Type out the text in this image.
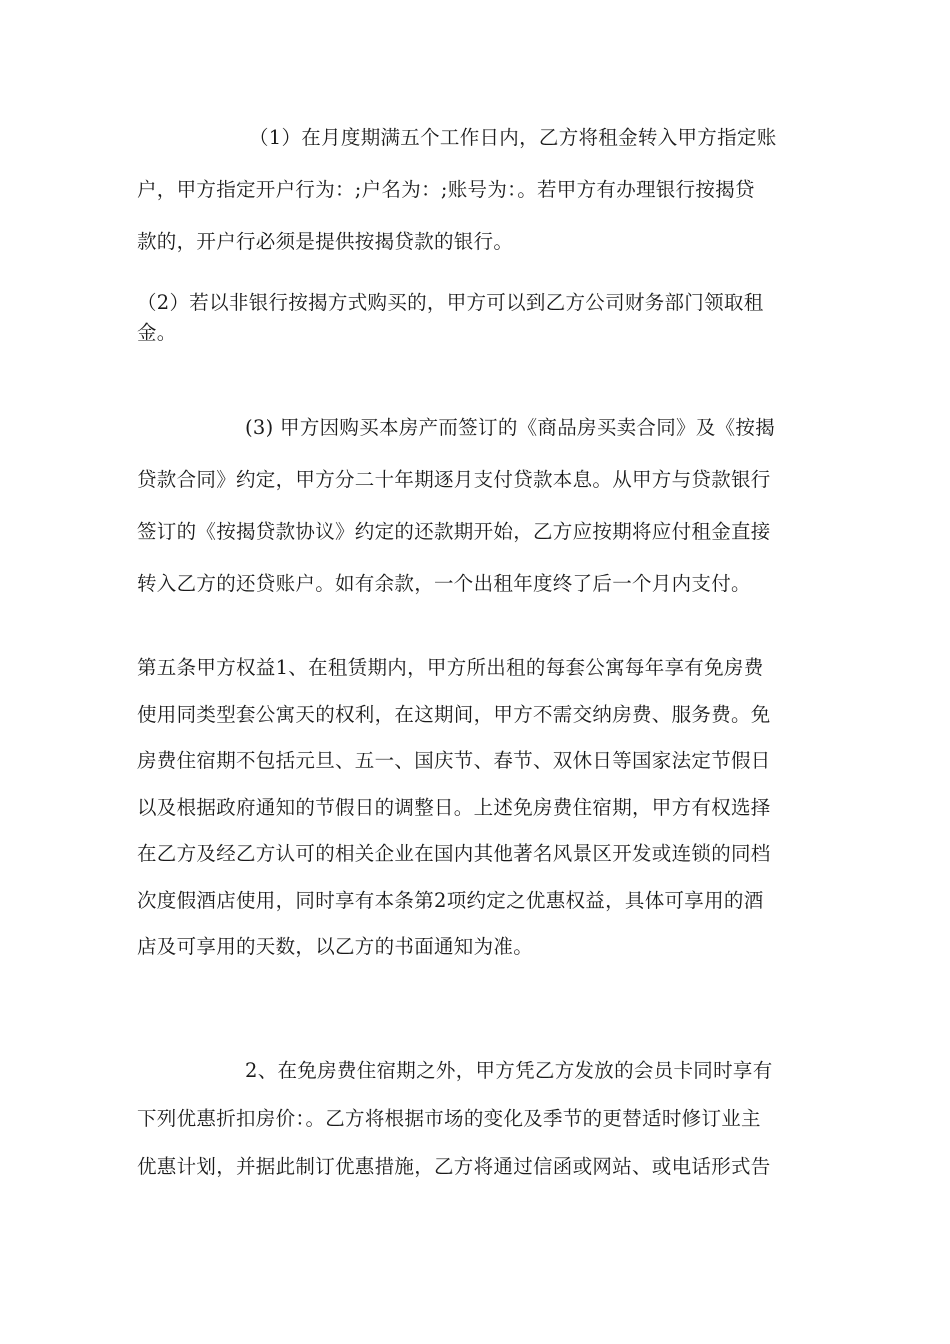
（1）在月度期满五个工作日内，乙方将租金转入甲方指定账
户，甲方指定开户行为：;户名为：;账号为：。若甲方有办理银行按揭贷
款的，开户行必须是提供按揭贷款的银行。

（2）若以非银行按揭方式购买的，甲方可以到乙方公司财务部门领取租
金。

(3) 甲方因购买本房产而签订的《商品房买卖合同》及《按揭
贷款合同》约定，甲方分二十年期逐月支付贷款本息。从甲方与贷款银行
签订的《按揭贷款协议》约定的还款期开始，乙方应按期将应付租金直接
转入乙方的还贷账户。如有余款，一个出租年度终了后一个月内支付。

第五条甲方权益1、在租赁期内，甲方所出租的每套公寓每年享有免房费
使用同类型套公寓天的权利，在这期间，甲方不需交纳房费、服务费。免
房费住宿期不包括元旦、五一、国庆节、春节、双休日等国家法定节假日
以及根据政府通知的节假日的调整日。上述免房费住宿期，甲方有权选择
在乙方及经乙方认可的相关企业在国内其他著名风景区开发或连锁的同档
次度假酒店使用，同时享有本条第2项约定之优惠权益，具体可享用的酒
店及可享用的天数，以乙方的书面通知为准。

2、在免房费住宿期之外，甲方凭乙方发放的会员卡同时享有
下列优惠折扣房价：。乙方将根据市场的变化及季节的更替适时修订业主
优惠计划，并据此制订优惠措施，乙方将通过信函或网站、或电话形式告
